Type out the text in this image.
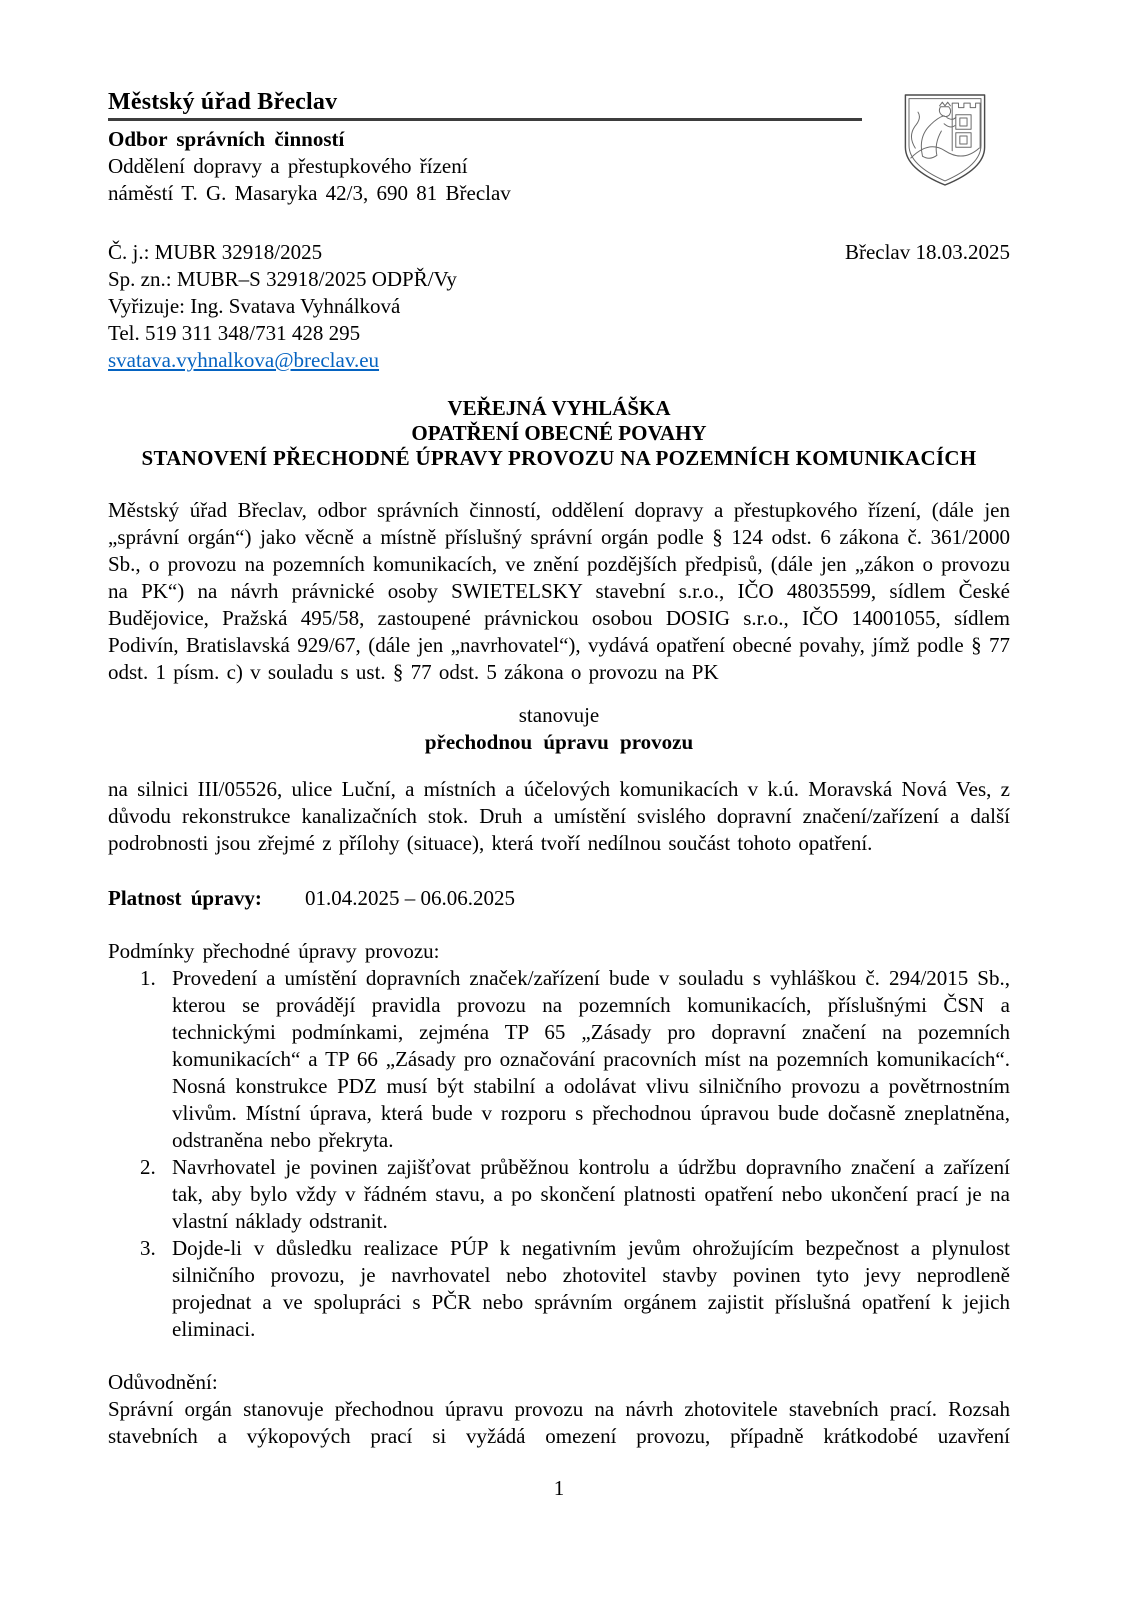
Městský úřad Břeclav
Odbor správních činností
Oddělení dopravy a přestupkového řízení
náměstí T. G. Masaryka 42/3, 690 81 Břeclav
Č. j.: MUBR 32918/2025	Břeclav 18.03.2025
Sp. zn.: MUBR–S 32918/2025 ODPŘ/Vy
Vyřizuje: Ing. Svatava Vyhnálková
Tel. 519 311 348/731 428 295
svatava.vyhnalkova@breclav.eu
VEŘEJNÁ VYHLÁŠKA
OPATŘENÍ OBECNÉ POVAHY
STANOVENÍ PŘECHODNÉ ÚPRAVY PROVOZU NA POZEMNÍCH KOMUNIKACÍCH
Městský úřad Břeclav, odbor správních činností, oddělení dopravy a přestupkového řízení, (dále jen „správní orgán“) jako věcně a místně příslušný správní orgán podle § 124 odst. 6 zákona č. 361/2000 Sb., o provozu na pozemních komunikacích, ve znění pozdějších předpisů, (dále jen „zákon o provozu na PK“) na návrh právnické osoby SWIETELSKY stavební s.r.o., IČO 48035599, sídlem České Budějovice, Pražská 495/58, zastoupené právnickou osobou DOSIG s.r.o., IČO 14001055, sídlem Podivín, Bratislavská 929/67, (dále jen „navrhovatel“), vydává opatření obecné povahy, jímž podle § 77 odst. 1 písm. c) v souladu s ust. § 77 odst. 5 zákona o provozu na PK
stanovuje
přechodnou úpravu provozu
na silnici III/05526, ulice Luční, a místních a účelových komunikacích v k.ú. Moravská Nová Ves, z důvodu rekonstrukce kanalizačních stok. Druh a umístění svislého dopravní značení/zařízení a další podrobnosti jsou zřejmé z přílohy (situace), která tvoří nedílnou součást tohoto opatření.
Platnost úpravy: 01.04.2025 – 06.06.2025
Podmínky přechodné úpravy provozu:
1. Provedení a umístění dopravních značek/zařízení bude v souladu s vyhláškou č. 294/2015 Sb., kterou se provádějí pravidla provozu na pozemních komunikacích, příslušnými ČSN a technickými podmínkami, zejména TP 65 „Zásady pro dopravní značení na pozemních komunikacích“ a TP 66 „Zásady pro označování pracovních míst na pozemních komunikacích“. Nosná konstrukce PDZ musí být stabilní a odolávat vlivu silničního provozu a povětrnostním vlivům. Místní úprava, která bude v rozporu s přechodnou úpravou bude dočasně zneplatněna, odstraněna nebo překryta.
2. Navrhovatel je povinen zajišťovat průběžnou kontrolu a údržbu dopravního značení a zařízení tak, aby bylo vždy v řádném stavu, a po skončení platnosti opatření nebo ukončení prací je na vlastní náklady odstranit.
3. Dojde-li v důsledku realizace PÚP k negativním jevům ohrožujícím bezpečnost a plynulost silničního provozu, je navrhovatel nebo zhotovitel stavby povinen tyto jevy neprodleně projednat a ve spolupráci s PČR nebo správním orgánem zajistit příslušná opatření k jejich eliminaci.
Odůvodnění:
Správní orgán stanovuje přechodnou úpravu provozu na návrh zhotovitele stavebních prací. Rozsah stavebních a výkopových prací si vyžádá omezení provozu, případně krátkodobé uzavření
1
